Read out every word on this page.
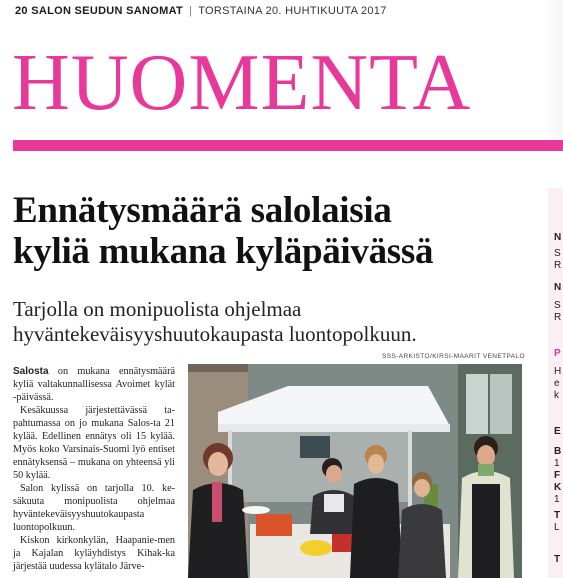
20 SALON SEUDUN SANOMAT | TORSTAINA 20. HUHTIKUUTA 2017
HUOMENTA
Ennätysmäärä salolaisia
kyliä mukana kyläpäivässä
Tarjolla on monipuolista ohjelmaa
hyväntekeväisyyshuutokaupasta luontopolkuun.

Salosta on mukana ennätysmäärä kyliä valtakunnallisessa Avoimet kylät -päivässä.

Kesäkuussa järjestettävässä ta-pahtumassa on jo mukana Salos-ta 21 kylää. Edellinen ennätys oli 15 kylää. Myös koko Varsinais-Suomi lyö entiset ennätyksensä – mukana on yhteensä yli 50 kylää.

Salon kylissä on tarjolla 10. ke-säkuuta monipuolista ohjelmaa hyväntekeväisyyshuutokaupasta luontopolkuun.

Kiskon kirkonkylän, Haapanie-men ja Kajalan kyläyhdistys Kihak-ka järjestää uudessa kylätalo Järve-

SSS-ARKISTO/KIRSI-MAARIT VENETPALO
N
S
R
N
S
R
P
H
e
k
E
B
1
F
K
1
T
L
T
